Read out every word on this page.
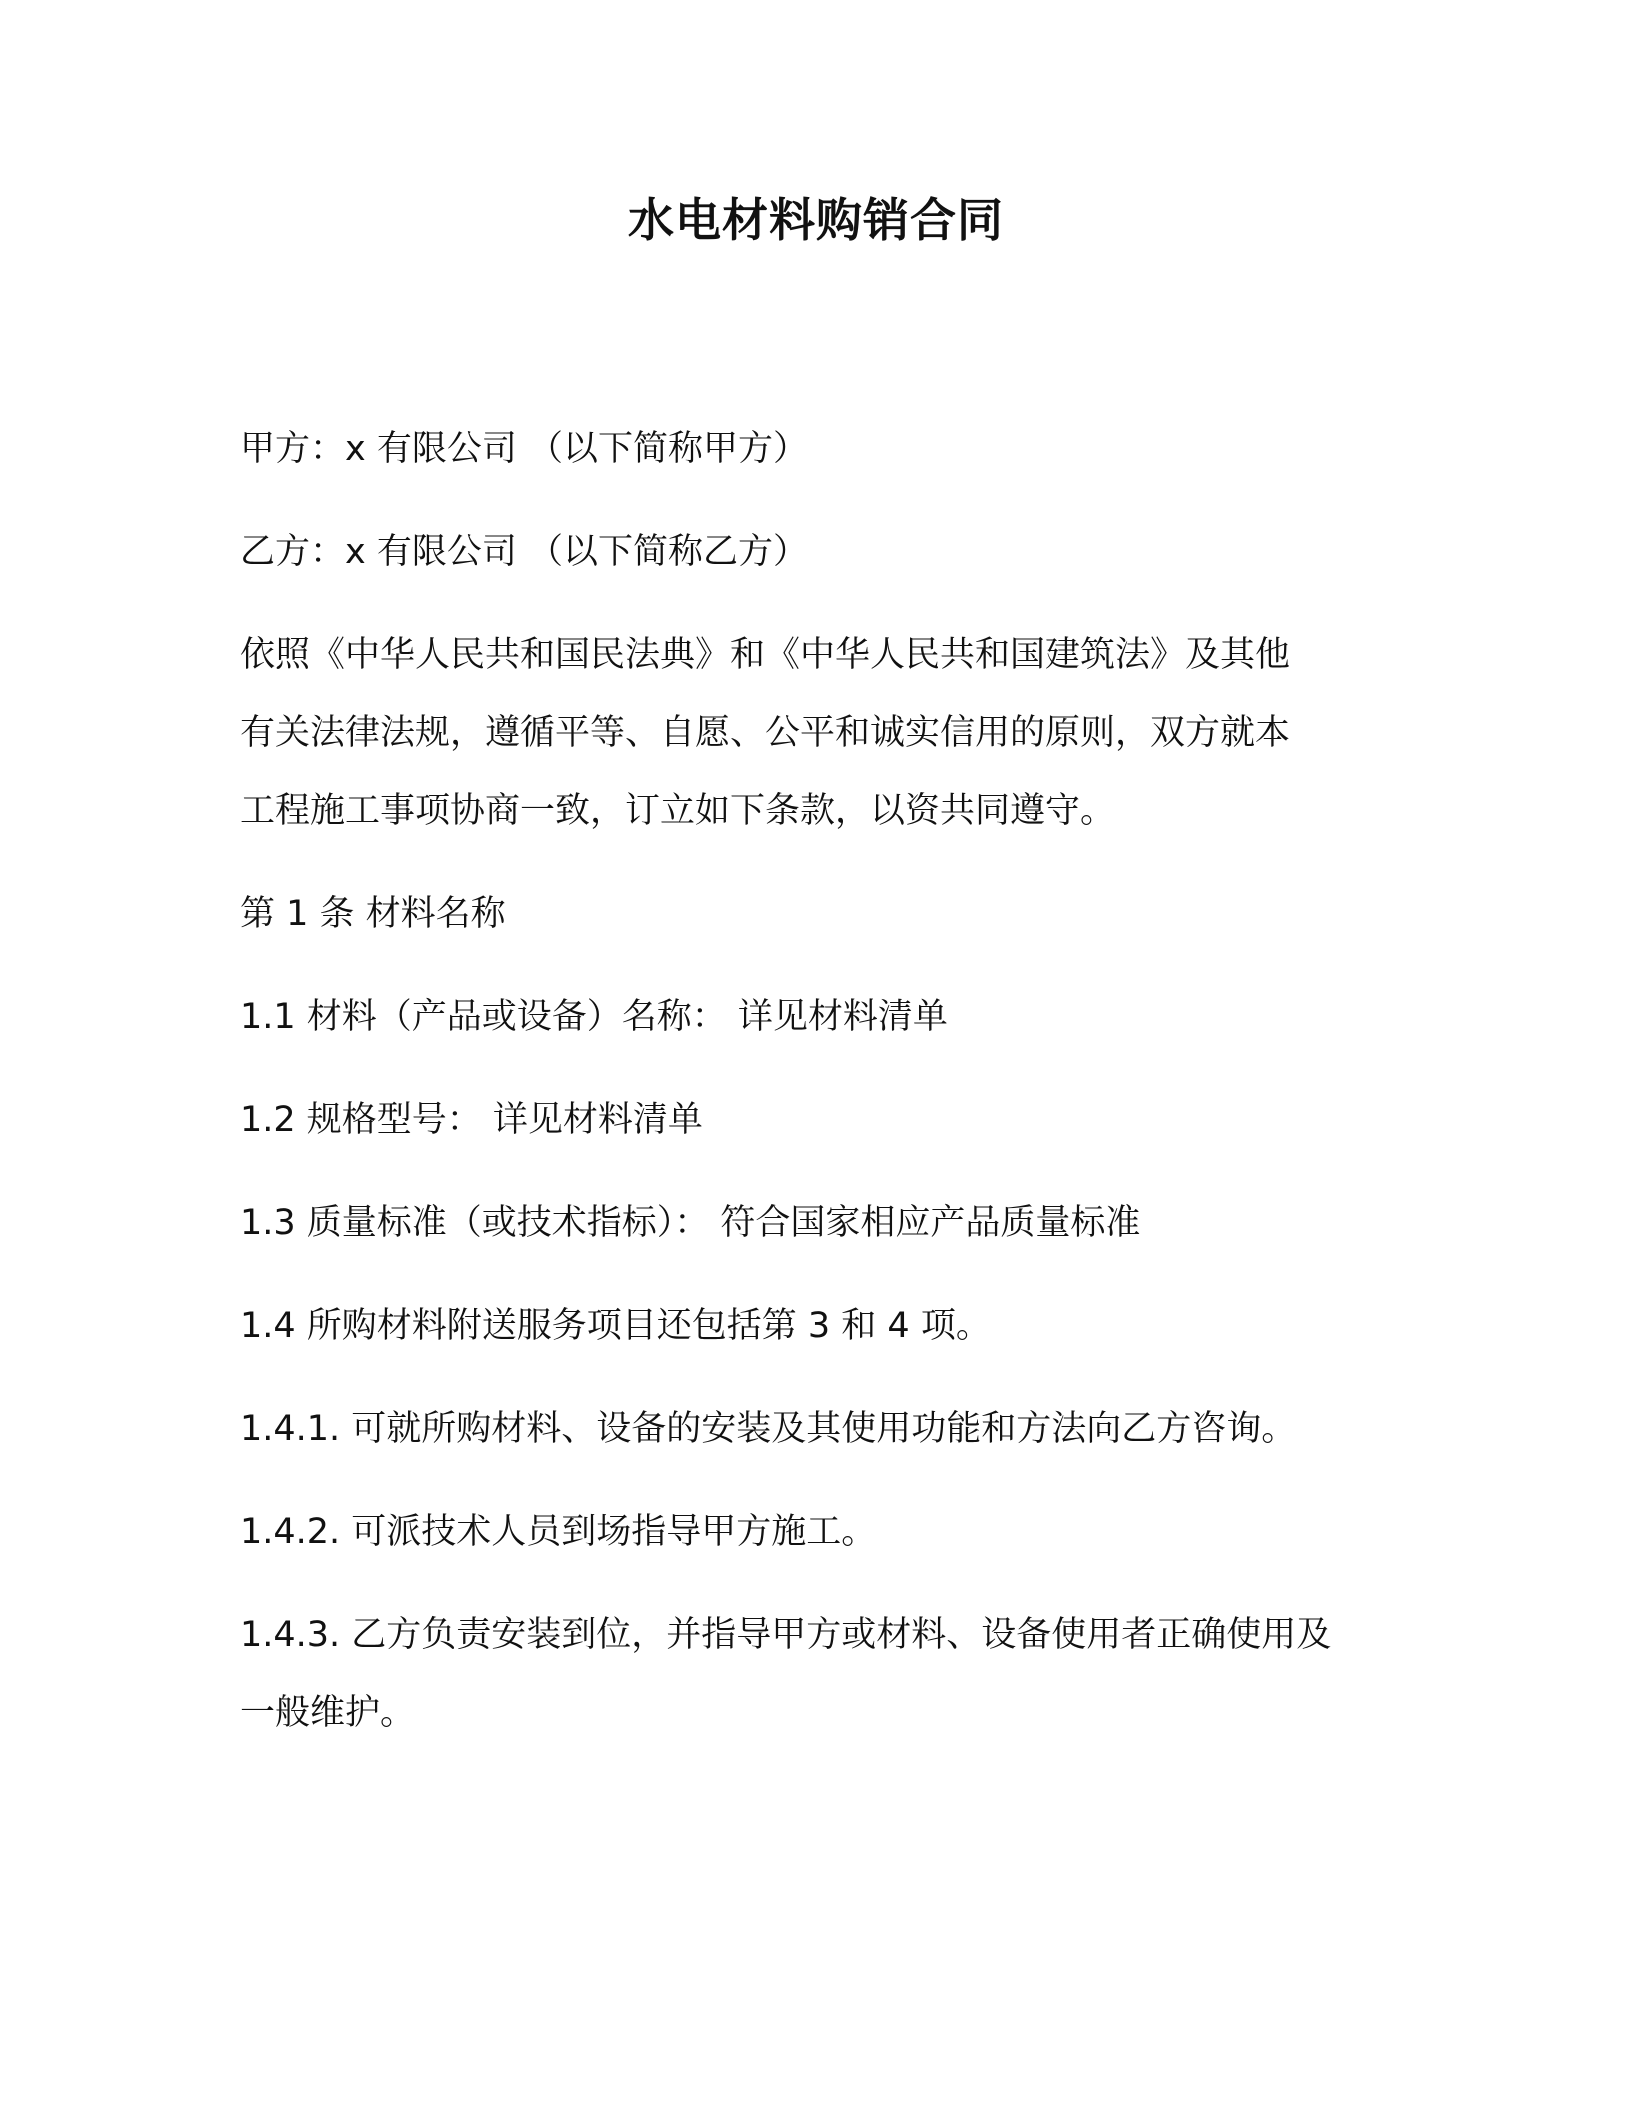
水电材料购销合同

甲方：x 有限公司 （以下简称甲方）

乙方：x 有限公司 （以下简称乙方）

依照《中华人民共和国民法典》和《中华人民共和国建筑法》及其他
有关法律法规，遵循平等、自愿、公平和诚实信用的原则，双方就本
工程施工事项协商一致，订立如下条款，以资共同遵守。

第 1 条 材料名称

1.1 材料（产品或设备）名称： 详见材料清单

1.2 规格型号： 详见材料清单

1.3 质量标准（或技术指标）： 符合国家相应产品质量标准

1.4 所购材料附送服务项目还包括第 3 和 4 项。

1.4.1. 可就所购材料、设备的安装及其使用功能和方法向乙方咨询。

1.4.2. 可派技术人员到场指导甲方施工。

1.4.3. 乙方负责安装到位，并指导甲方或材料、设备使用者正确使用及
一般维护。
